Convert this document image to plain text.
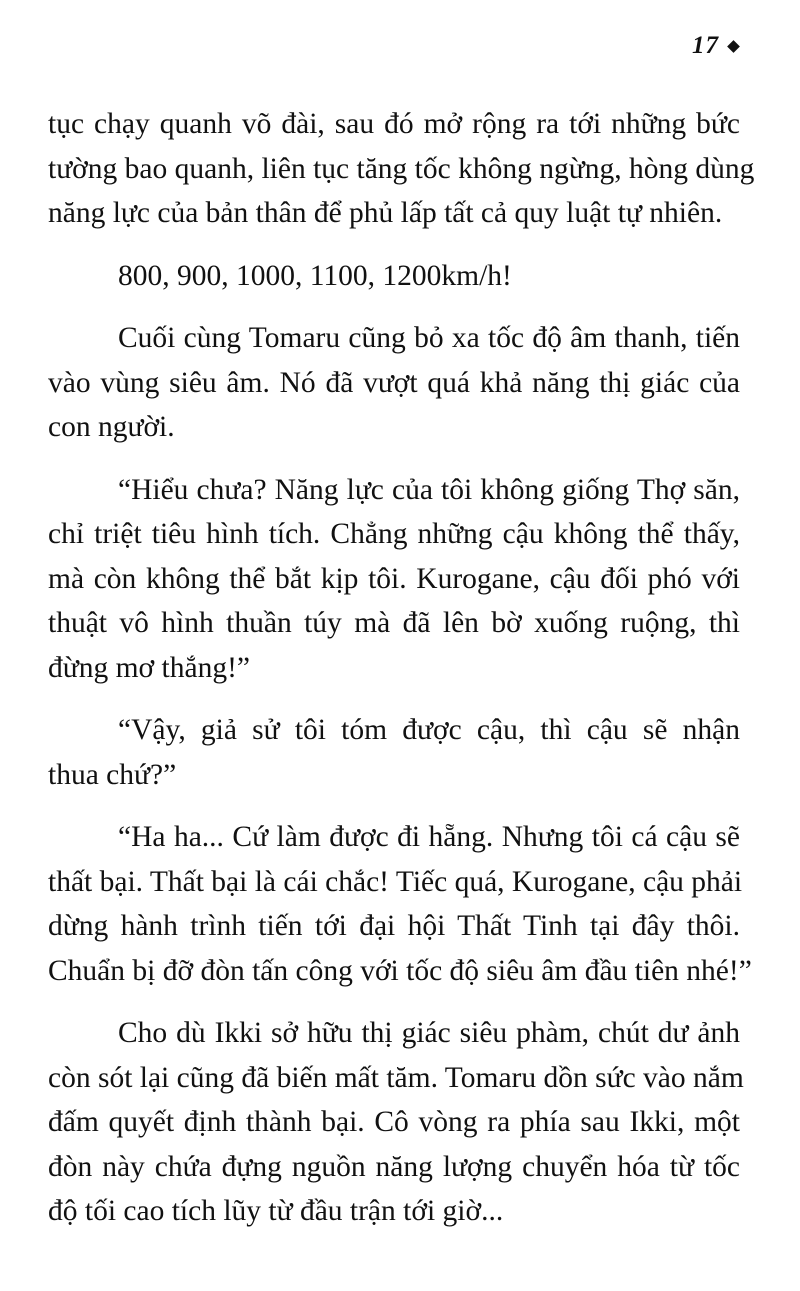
17

tục chạy quanh võ đài, sau đó mở rộng ra tới những bức
tường bao quanh, liên tục tăng tốc không ngừng, hòng dùng
năng lực của bản thân để phủ lấp tất cả quy luật tự nhiên.

800, 900, 1000, 1100, 1200km/h!

Cuối cùng Tomaru cũng bỏ xa tốc độ âm thanh, tiến
vào vùng siêu âm. Nó đã vượt quá khả năng thị giác của
con người.

“Hiểu chưa? Năng lực của tôi không giống Thợ săn,
chỉ triệt tiêu hình tích. Chẳng những cậu không thể thấy,
mà còn không thể bắt kịp tôi. Kurogane, cậu đối phó với
thuật vô hình thuần túy mà đã lên bờ xuống ruộng, thì
đừng mơ thắng!”

“Vậy, giả sử tôi tóm được cậu, thì cậu sẽ nhận
thua chứ?”

“Ha ha... Cứ làm được đi hẵng. Nhưng tôi cá cậu sẽ
thất bại. Thất bại là cái chắc! Tiếc quá, Kurogane, cậu phải
dừng hành trình tiến tới đại hội Thất Tinh tại đây thôi.
Chuẩn bị đỡ đòn tấn công với tốc độ siêu âm đầu tiên nhé!”

Cho dù Ikki sở hữu thị giác siêu phàm, chút dư ảnh
còn sót lại cũng đã biến mất tăm. Tomaru dồn sức vào nắm
đấm quyết định thành bại. Cô vòng ra phía sau Ikki, một
đòn này chứa đựng nguồn năng lượng chuyển hóa từ tốc
độ tối cao tích lũy từ đầu trận tới giờ...
